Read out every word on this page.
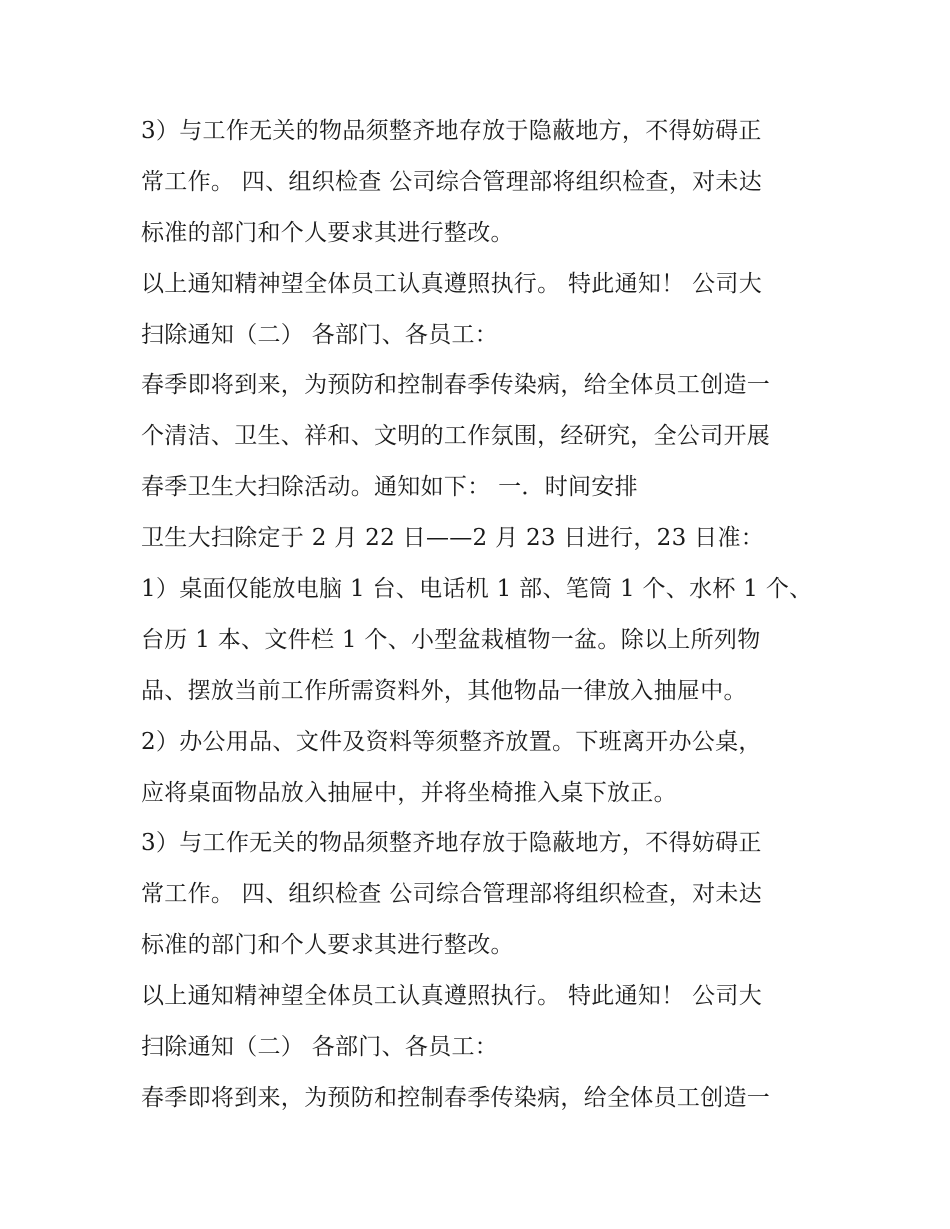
3）与工作无关的物品须整齐地存放于隐蔽地方，不得妨碍正
常工作。 四、组织检查 公司综合管理部将组织检查，对未达
标准的部门和个人要求其进行整改。
以上通知精神望全体员工认真遵照执行。 特此通知！ 公司大
扫除通知（二） 各部门、各员工：
春季即将到来，为预防和控制春季传染病，给全体员工创造一
个清洁、卫生、祥和、文明的工作氛围，经研究，全公司开展
春季卫生大扫除活动。通知如下： 一．时间安排
卫生大扫除定于 2 月 22 日——2 月 23 日进行，23 日准：
1）桌面仅能放电脑 1 台、电话机 1 部、笔筒 1 个、水杯 1 个、
台历 1 本、文件栏 1 个、小型盆栽植物一盆。除以上所列物
品、摆放当前工作所需资料外，其他物品一律放入抽屉中。
2）办公用品、文件及资料等须整齐放置。下班离开办公桌，
应将桌面物品放入抽屉中，并将坐椅推入桌下放正。
3）与工作无关的物品须整齐地存放于隐蔽地方，不得妨碍正
常工作。 四、组织检查 公司综合管理部将组织检查，对未达
标准的部门和个人要求其进行整改。
以上通知精神望全体员工认真遵照执行。 特此通知！ 公司大
扫除通知（二） 各部门、各员工：
春季即将到来，为预防和控制春季传染病，给全体员工创造一
